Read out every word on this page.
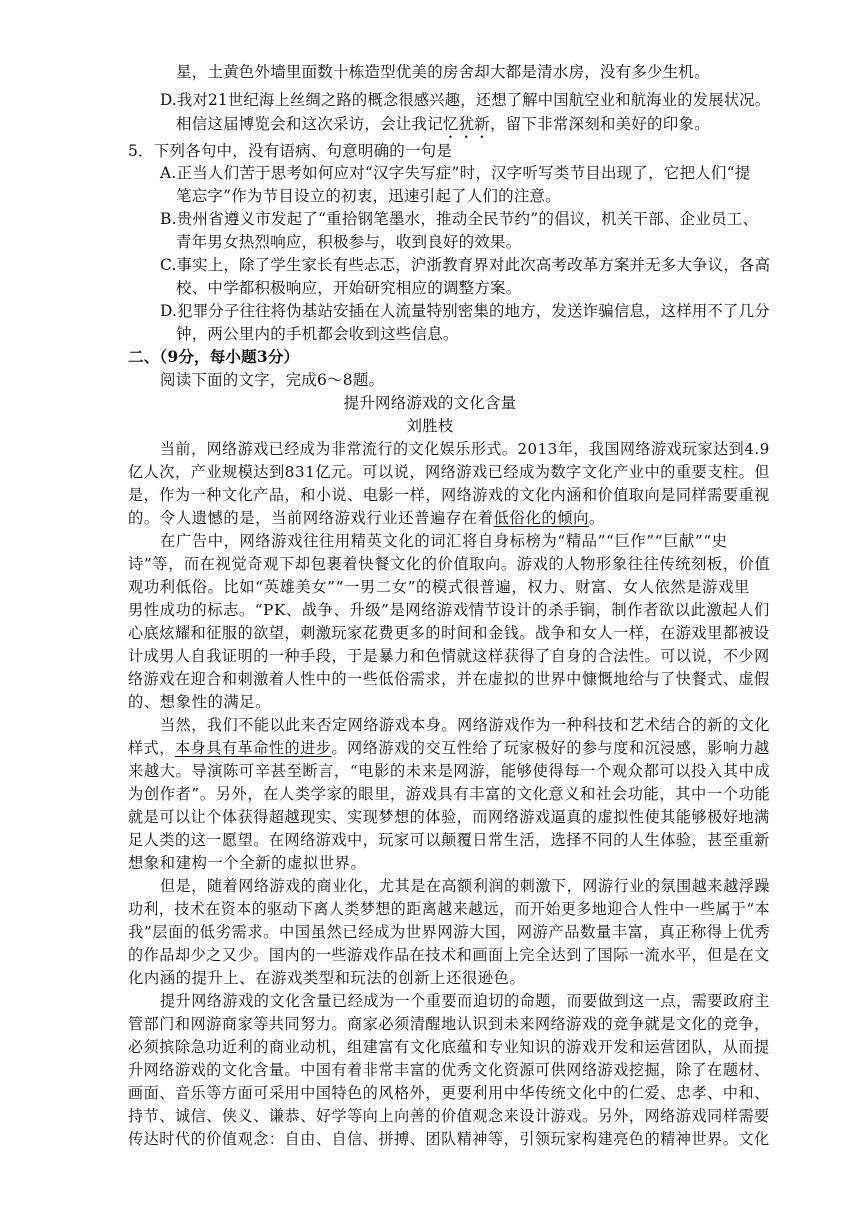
星，土黄色外墙里面数十栋造型优美的房舍却大都是清水房，没有多少生机。

D.我对21世纪海上丝绸之路的概念很感兴趣，还想了解中国航空业和航海业的发展状况。

相信这届博览会和这次采访，会让我记忆犹新，留下非常深刻和美好的印象。

5．下列各句中，没有语病、句意明确的一句是

A.正当人们苦于思考如何应对“汉字失写症”时，汉字听写类节目出现了，它把人们“提

笔忘字”作为节目设立的初衷，迅速引起了人们的注意。

B.贵州省遵义市发起了“重拾钢笔墨水，推动全民节约”的倡议，机关干部、企业员工、

青年男女热烈响应，积极参与，收到良好的效果。

C.事实上，除了学生家长有些忐忑，沪浙教育界对此次高考改革方案并无多大争议，各高

校、中学都积极响应，开始研究相应的调整方案。

D.犯罪分子往往将伪基站安插在人流量特别密集的地方，发送诈骗信息，这样用不了几分

钟，两公里内的手机都会收到这些信息。

二、（9分，每小题3分）

阅读下面的文字，完成6～8题。

提升网络游戏的文化含量

刘胜枝

当前，网络游戏已经成为非常流行的文化娱乐形式。2013年，我国网络游戏玩家达到4.9

亿人次，产业规模达到831亿元。可以说，网络游戏已经成为数字文化产业中的重要支柱。但

是，作为一种文化产品，和小说、电影一样，网络游戏的文化内涵和价值取向是同样需要重视

的。令人遗憾的是，当前网络游戏行业还普遍存在着低俗化的倾向。

在广告中，网络游戏往往用精英文化的词汇将自身标榜为“精品”“巨作”“巨献”“史

诗”等，而在视觉奇观下却包裹着快餐文化的价值取向。游戏的人物形象往往传统刻板，价值

观功利低俗。比如“英雄美女”“一男二女”的模式很普遍，权力、财富、女人依然是游戏里

男性成功的标志。“PK、战争、升级”是网络游戏情节设计的杀手锏，制作者欲以此激起人们

心底炫耀和征服的欲望，刺激玩家花费更多的时间和金钱。战争和女人一样，在游戏里都被设

计成男人自我证明的一种手段，于是暴力和色情就这样获得了自身的合法性。可以说，不少网

络游戏在迎合和刺激着人性中的一些低俗需求，并在虚拟的世界中慷慨地给与了快餐式、虚假

的、想象性的满足。

当然，我们不能以此来否定网络游戏本身。网络游戏作为一种科技和艺术结合的新的文化

样式，本身具有革命性的进步。网络游戏的交互性给了玩家极好的参与度和沉浸感，影响力越

来越大。导演陈可辛甚至断言，“电影的未来是网游，能够使得每一个观众都可以投入其中成

为创作者”。另外，在人类学家的眼里，游戏具有丰富的文化意义和社会功能，其中一个功能

就是可以让个体获得超越现实、实现梦想的体验，而网络游戏逼真的虚拟性使其能够极好地满

足人类的这一愿望。在网络游戏中，玩家可以颠覆日常生活，选择不同的人生体验，甚至重新

想象和建构一个全新的虚拟世界。

但是，随着网络游戏的商业化，尤其是在高额利润的刺激下，网游行业的氛围越来越浮躁

功利，技术在资本的驱动下离人类梦想的距离越来越远，而开始更多地迎合人性中一些属于“本

我”层面的低劣需求。中国虽然已经成为世界网游大国，网游产品数量丰富，真正称得上优秀

的作品却少之又少。国内的一些游戏作品在技术和画面上完全达到了国际一流水平，但是在文

化内涵的提升上、在游戏类型和玩法的创新上还很逊色。

提升网络游戏的文化含量已经成为一个重要而迫切的命题，而要做到这一点，需要政府主

管部门和网游商家等共同努力。商家必须清醒地认识到未来网络游戏的竞争就是文化的竞争，

必须摈除急功近利的商业动机，组建富有文化底蕴和专业知识的游戏开发和运营团队，从而提

升网络游戏的文化含量。中国有着非常丰富的优秀文化资源可供网络游戏挖掘，除了在题材、

画面、音乐等方面可采用中国特色的风格外，更要利用中华传统文化中的仁爱、忠孝、中和、

持节、诚信、侠义、谦恭、好学等向上向善的价值观念来设计游戏。另外，网络游戏同样需要

传达时代的价值观念：自由、自信、拼搏、团队精神等，引领玩家构建亮色的精神世界。文化
